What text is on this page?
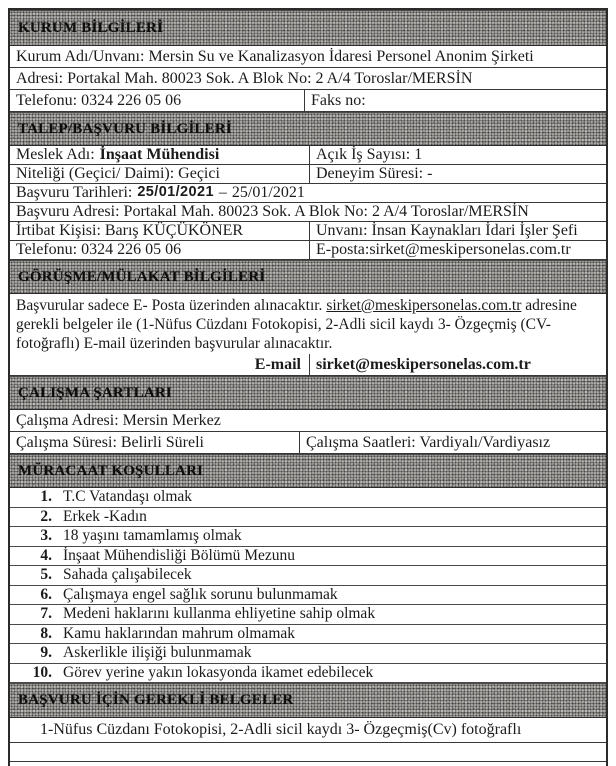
KURUM BİLGİLERİ
Kurum Adı/Unvanı: Mersin Su ve Kanalizasyon İdaresi Personel Anonim Şirketi
Adresi: Portakal Mah. 80023 Sok. A Blok No: 2 A/4 Toroslar/MERSİN
Telefonu: 0324 226 05 06	Faks no:
TALEP/BAŞVURU BİLGİLERİ
Meslek Adı: İnşaat Mühendisi	Açık İş Sayısı: 1
Niteliği (Geçici/ Daimi): Geçici	Deneyim Süresi: -
Başvuru Tarihleri: 25/01/2021 – 25/01/2021
Başvuru Adresi: Portakal Mah. 80023 Sok. A Blok No: 2 A/4 Toroslar/MERSİN
İrtibat Kişisi: Barış KÜÇÜKÖNER	Unvanı: İnsan Kaynakları İdari İşler Şefi
Telefonu: 0324 226 05 06	E-posta:sirket@meskipersonelas.com.tr
GÖRÜŞME/MÜLAKAT BİLGİLERİ
Başvurular sadece E- Posta üzerinden alınacaktır. sirket@meskipersonelas.com.tr adresine gerekli belgeler ile (1-Nüfus Cüzdanı Fotokopisi, 2-Adli sicil kaydı 3- Özgeçmiş (CV- fotoğraflı) E-mail üzerinden başvurular alınacaktır.
E-mail sirket@meskipersonelas.com.tr
ÇALIŞMA ŞARTLARI
Çalışma Adresi: Mersin Merkez
Çalışma Süresi: Belirli Süreli	Çalışma Saatleri: Vardiyalı/Vardiyasız
MÜRACAAT KOŞULLARI
1. T.C Vatandaşı olmak
2. Erkek -Kadın
3. 18 yaşını tamamlamış olmak
4. İnşaat Mühendisliği Bölümü Mezunu
5. Sahada çalışabilecek
6. Çalışmaya engel sağlık sorunu bulunmamak
7. Medeni haklarını kullanma ehliyetine sahip olmak
8. Kamu haklarından mahrum olmamak
9. Askerlikle ilişiği bulunmamak
10. Görev yerine yakın lokasyonda ikamet edebilecek
BAŞVURU İÇİN GEREKLİ BELGELER
1-Nüfus Cüzdanı Fotokopisi, 2-Adli sicil kaydı 3- Özgeçmiş(Cv) fotoğraflı
